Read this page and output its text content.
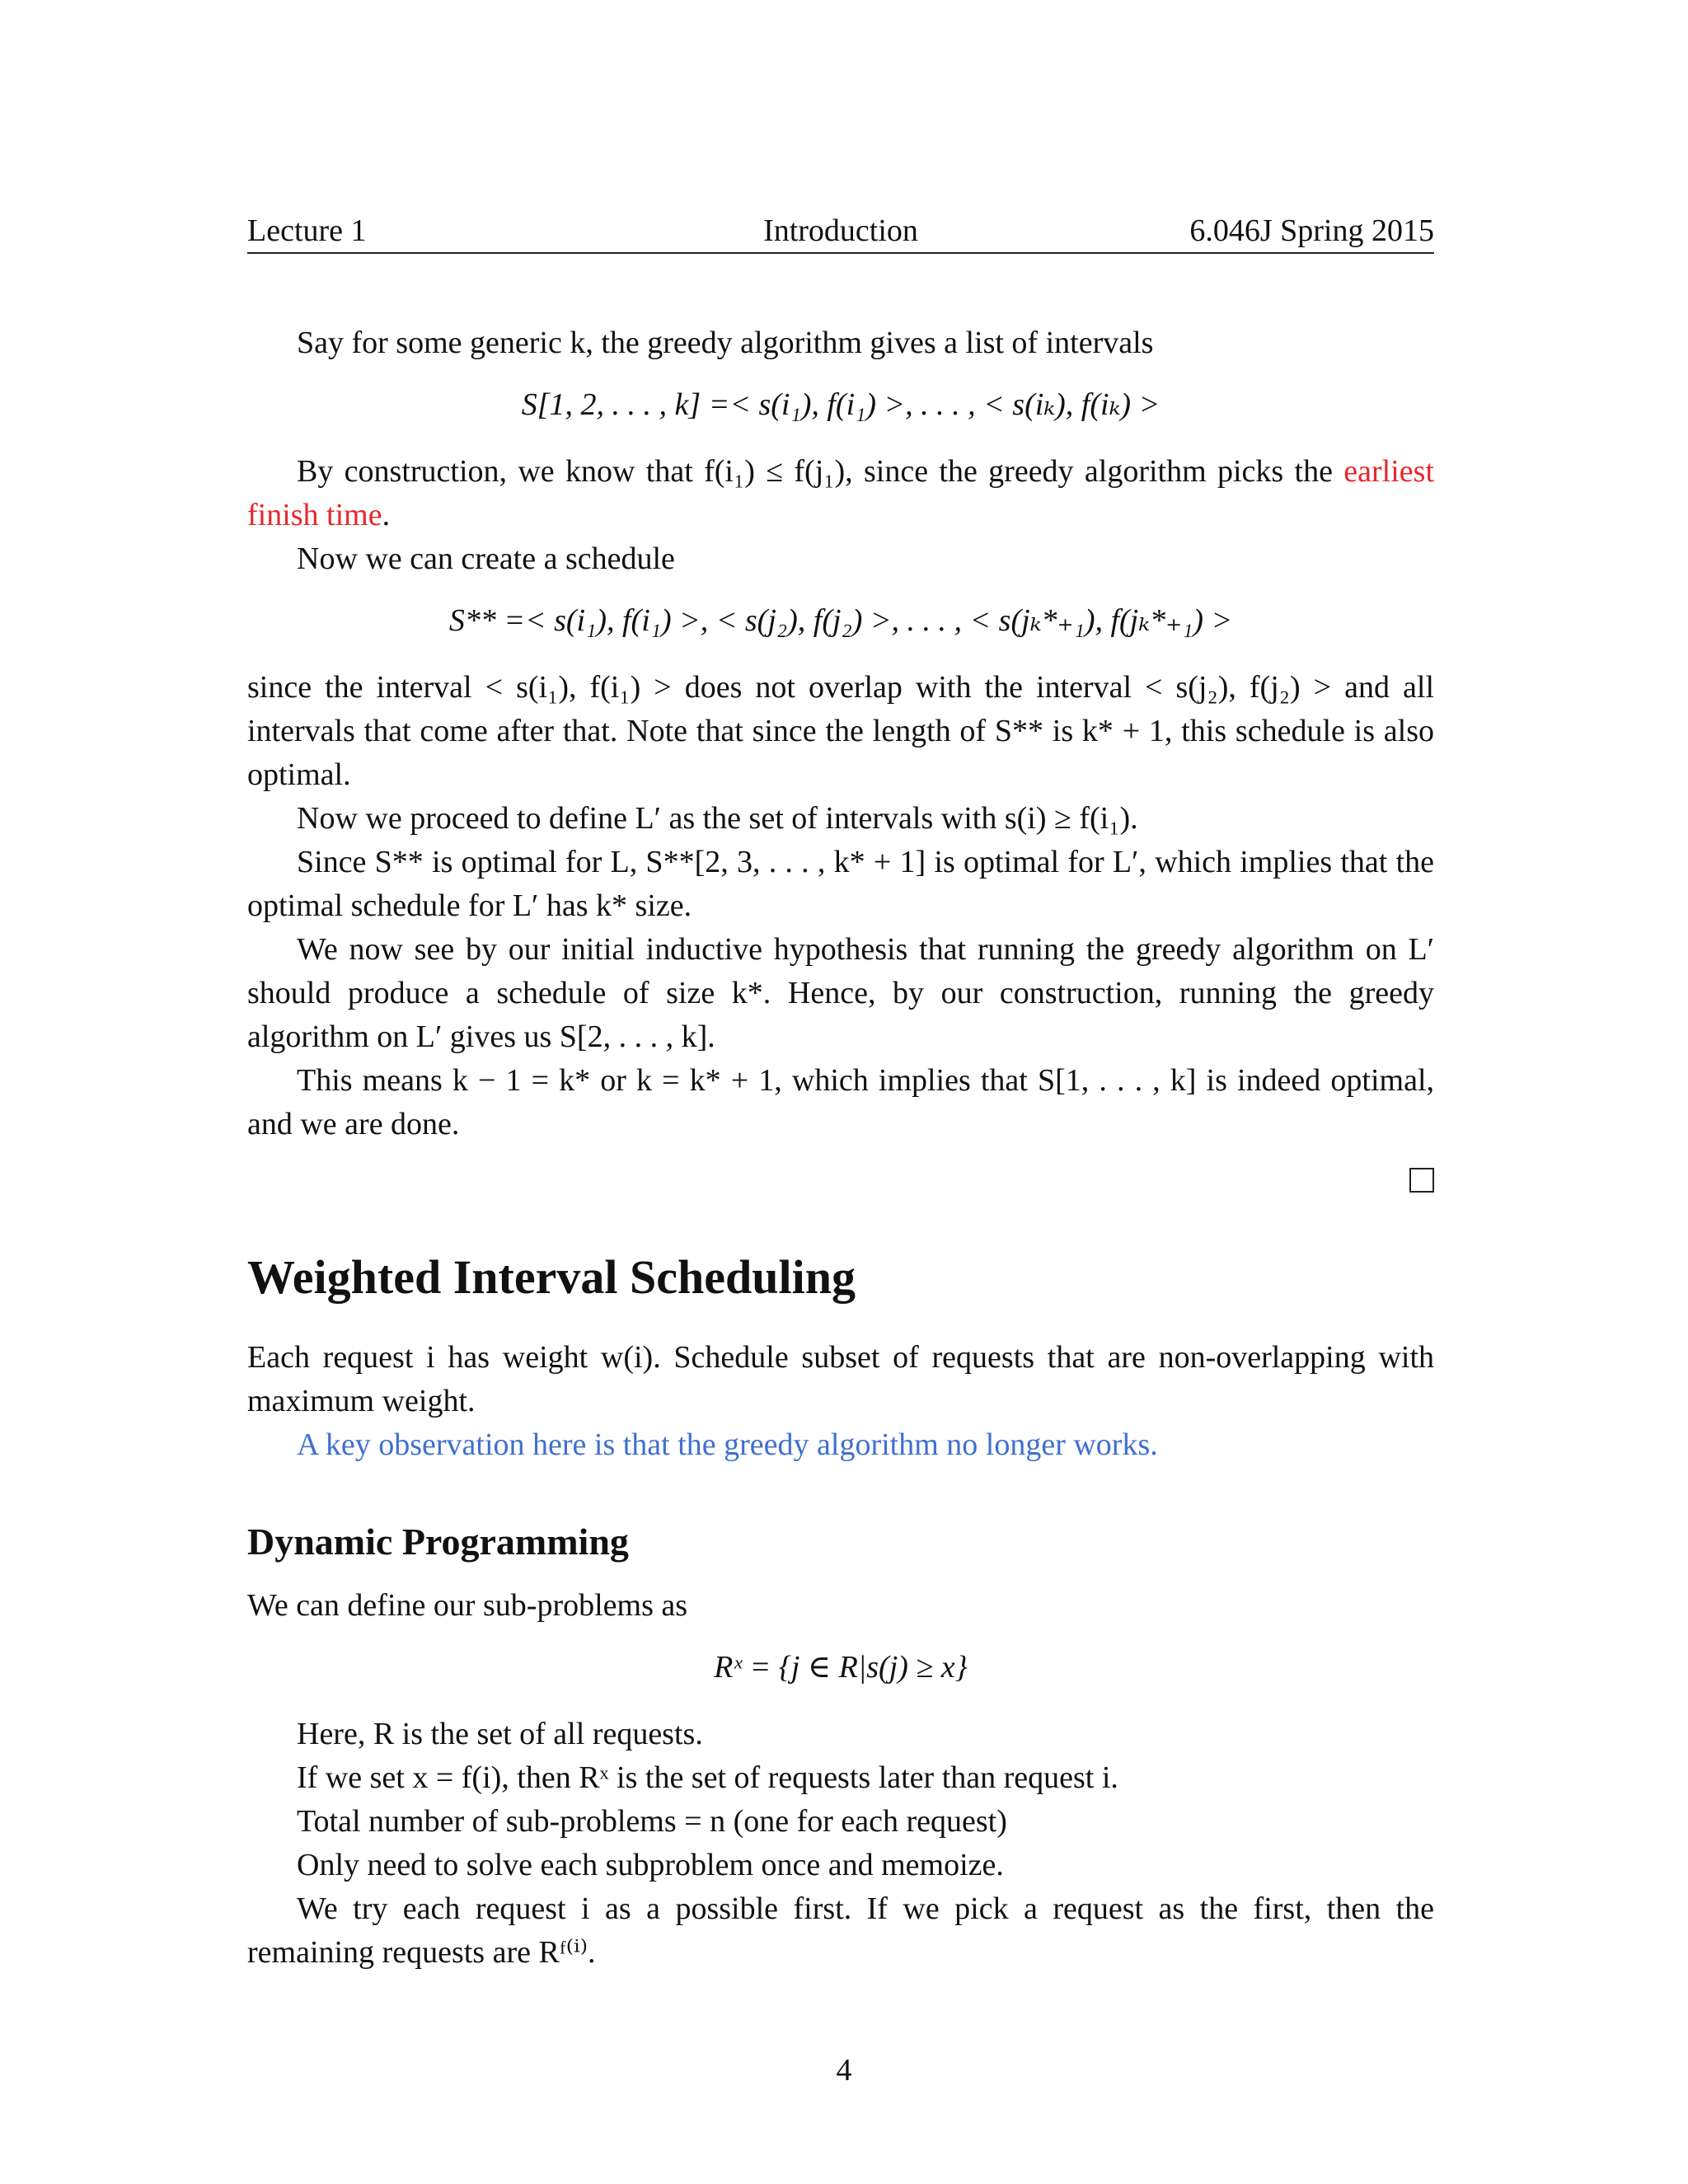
Lecture 1	Introduction	6.046J Spring 2015

Say for some generic k, the greedy algorithm gives a list of intervals

S[1, 2, . . . , k] =< s(i₁), f(i₁) >, . . . , < s(iₖ), f(iₖ) >

By construction, we know that f(i₁) ≤ f(j₁), since the greedy algorithm picks the earliest finish time.

Now we can create a schedule

S** =< s(i₁), f(i₁) >, < s(j₂), f(j₂) >, . . . , < s(jₖ*₊₁), f(jₖ*₊₁) >

since the interval < s(i₁), f(i₁) > does not overlap with the interval < s(j₂), f(j₂) > and all intervals that come after that. Note that since the length of S** is k* + 1, this schedule is also optimal.

Now we proceed to define L′ as the set of intervals with s(i) ≥ f(i₁).

Since S** is optimal for L, S**[2, 3, . . . , k* + 1] is optimal for L′, which implies that the optimal schedule for L′ has k* size.

We now see by our initial inductive hypothesis that running the greedy algorithm on L′ should produce a schedule of size k*. Hence, by our construction, running the greedy algorithm on L′ gives us S[2, . . . , k].

This means k − 1 = k* or k = k* + 1, which implies that S[1, . . . , k] is indeed optimal, and we are done.

Weighted Interval Scheduling

Each request i has weight w(i). Schedule subset of requests that are non-overlapping with maximum weight.

A key observation here is that the greedy algorithm no longer works.

Dynamic Programming

We can define our sub-problems as

Rˣ = {j ∈ R|s(j) ≥ x}

Here, R is the set of all requests.

If we set x = f(i), then Rˣ is the set of requests later than request i.

Total number of sub-problems = n (one for each request)

Only need to solve each subproblem once and memoize.

We try each request i as a possible first. If we pick a request as the first, then the remaining requests are Rᶠ⁽ⁱ⁾.

4
